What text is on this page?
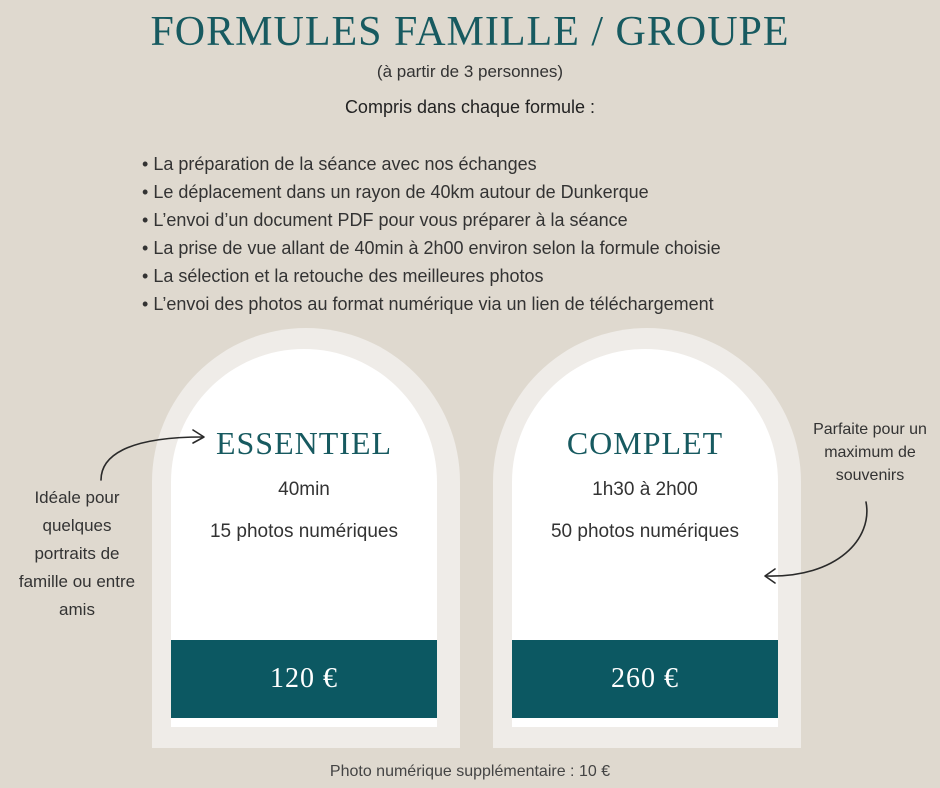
FORMULES FAMILLE / GROUPE
(à partir de 3 personnes)
Compris dans chaque formule :
• La préparation de la séance avec nos échanges
• Le déplacement dans un rayon de 40km autour de Dunkerque
• L’envoi d’un document PDF pour vous préparer à la séance
• La prise de vue allant de 40min à 2h00 environ selon la formule choisie
• La sélection et la retouche des meilleures photos
• L’envoi des photos au format numérique via un lien de téléchargement
ESSENTIEL
40min
15 photos numériques
120 €
COMPLET
1h30 à 2h00
50 photos numériques
260 €
Idéale pour quelques portraits de famille ou entre amis
Parfaite pour un maximum de souvenirs
Photo numérique supplémentaire : 10 €
